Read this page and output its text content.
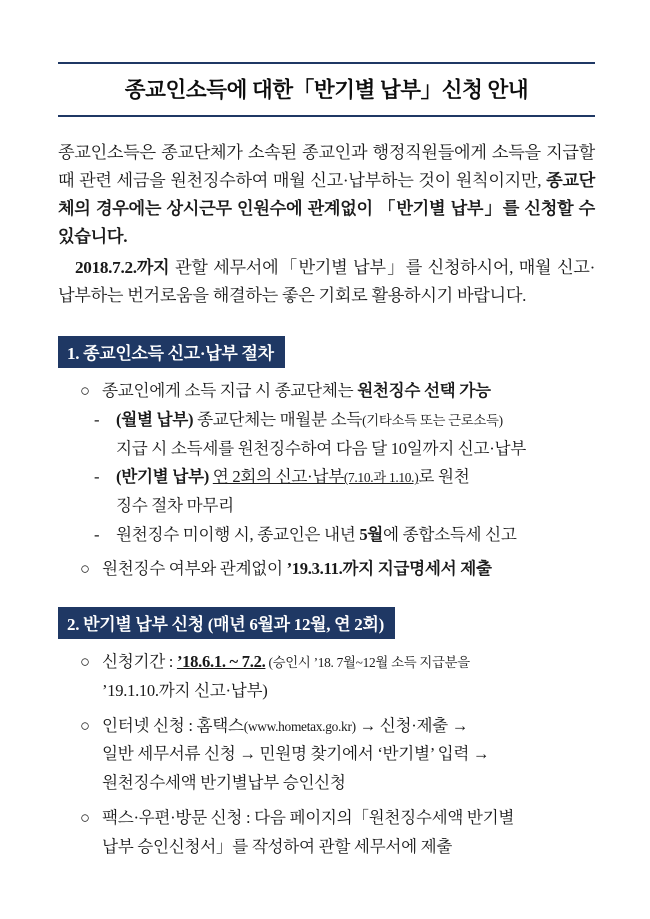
종교인소득에 대한「반기별 납부」신청 안내

종교인소득은 종교단체가 소속된 종교인과 행정직원들에게 소득을 지급할 때 관련 세금을 원천징수하여 매월 신고·납부하는 것이 원칙이지만, 종교단체의 경우에는 상시근무 인원수에 관계없이 「반기별 납부」를 신청할 수 있습니다.

2018.7.2.까지 관할 세무서에「반기별 납부」를 신청하시어, 매월 신고·납부하는 번거로움을 해결하는 좋은 기회로 활용하시기 바랍니다.

1. 종교인소득 신고·납부 절차
○ 종교인에게 소득 지급 시 종교단체는 원천징수 선택 가능
-	(월별 납부) 종교단체는 매월분 소득(기타소득 또는 근로소득)
지급 시 소득세를 원천징수하여 다음 달 10일까지 신고·납부
-	(반기별 납부) 연 2회의 신고·납부(7.10.과 1.10.)로 원천
징수 절차 마무리
-	원천징수 미이행 시, 종교인은 내년 5월에 종합소득세 신고
○ 원천징수 여부와 관계없이 ’19.3.11.까지 지급명세서 제출
2. 반기별 납부 신청 (매년 6월과 12월, 연 2회)
○ 신청기간 : ’18.6.1. ~ 7.2. (승인시 ’18. 7월~12월 소득 지급분을
’19.1.10.까지 신고·납부)
○ 인터넷 신청 : 홈택스(www.hometax.go.kr) → 신청·제출 →
일반 세무서류 신청 → 민원명 찾기에서 ‘반기별’ 입력 →
원천징수세액 반기별납부 승인신청
○ 팩스·우편·방문 신청 : 다음 페이지의「원천징수세액 반기별
납부 승인신청서」를 작성하여 관할 세무서에 제출
